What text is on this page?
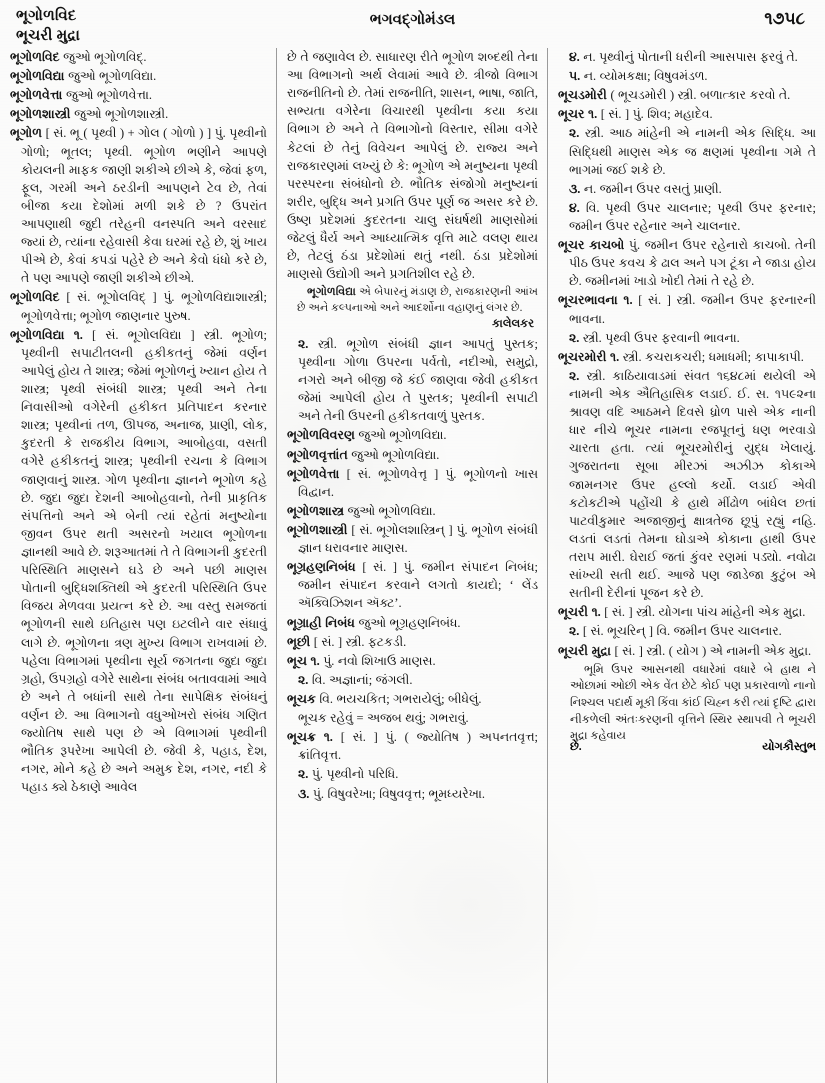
ભૂગોળવિદ
ભૂચરી મુદ્રા
ભગવદ્ગોમંડલ	૧૭૫૮

ભૂગોળવિદ જુઓ ભૂગોળવિદ્.

ભૂગોળવિદ્યા જુઓ ભૂગોળવિદ્યા.

ભૂગોળવેત્તા જુઓ ભૂગોળવેત્તા.

ભૂગોળશાસ્ત્રી જુઓ ભૂગોળશાસ્ત્રી.

ભૂગોળ [ સં. ભૂ ( પૃથ્વી ) + ગોલ ( ગોળો ) ] પું. પૃથ્વીનો ગોળો; ભૂતલ; પૃથ્વી. ભૂગોળ ભણીને આપણે કોયલની માફક જાણી શકીએ છીએ કે, જેવાં ફળ, ફૂલ, ગરમી અને ઠરડીની આપણને ટેવ છે, તેવાં બીજા કયા દેશોમાં મળી શકે છે ? ઉપરાંત આપણાથી જુદી તરેહની વનસ્પતિ અને વરસાદ જ્યાં છે, ત્યાંના રહેવાસી કેવા ઘરમાં રહે છે, શું ખાય પીએ છે, કેવાં કપડાં પહેરે છે અને કેવો ધંધો કરે છે, તે પણ આપણે જાણી શકીએ છીએ.

ભૂગોળવિદ [ સં. ભૂગોલવિદ્ ] પું. ભૂગોળવિદ્યાશાસ્ત્રી; ભૂગોળવેત્તા; ભૂગોળ જાણનાર પુરુષ.

ભૂગોળવિદ્યા ૧. [ સં. ભૂગોલવિદ્યા ] સ્ત્રી. ભૂગોળ; પૃથ્વીની સપાટીતલની હકીકતનું જેમાં વર્ણન આપેલું હોય તે શાસ્ત્ર; જેમાં ભૂગોળનું ખ્યાન હોય તે શાસ્ત્ર; પૃથ્વી સંબંધી શાસ્ત્ર; પૃથ્વી અને તેના નિવાસીઓ વગેરેની હકીકત પ્રતિપાદન કરનાર શાસ્ત્ર; પૃથ્વીનાં તળ, ઊપજ, અનાજ, પ્રાણી, લોક, કુદરતી કે રાજકીય વિભાગ, આબોહવા, વસતી વગેરે હકીકતનું શાસ્ત્ર; પૃથ્વીની રચના કે વિભાગ જાણવાનું શાસ્ત્ર. ગોળ પૃથ્વીના જ્ઞાનને ભૂગોળ કહે છે. જુદા જુદા દેશની આબોહવાનો, તેની પ્રાકૃતિક સંપત્તિનો અને એ બેની ત્યાં રહેતાં મનુષ્યોના જીવન ઉપર થતી અસરનો ખયાલ ભૂગોળના જ્ઞાનથી આવે છે. શરૂઆતમાં તે તે વિભાગની કુદરતી પરિસ્થિતિ માણસને ઘડે છે અને પછી માણસ પોતાની બુદ્ધિશક્તિથી એ કુદરતી પરિસ્થિતિ ઉપર વિજય મેળવવા પ્રયત્ન કરે છે. આ વસ્તુ સમજતાં ભૂગોળની સાથે ઇતિહાસ પણ ઇટલીને વાર સંધાવું લાગે છે. ભૂગોળના ત્રણ મુખ્ય વિભાગ રાખવામાં છે. પહેલા વિભાગમાં પૃથ્વીના સૂર્ય જગતના જુદા જુદા ગ્રહો, ઉપગ્રહો વગેરે સાથેના સંબંધ બતાવવામાં આવે છે અને તે બધાંની સાથે તેના સાપેક્ષિક સંબંધનું વર્ણન છે. આ વિભાગનો વધુઓખરો સંબંધ ગણિત જ્યોતિષ સાથે પણ છે એ વિભાગમાં પૃથ્વીની ભૌતિક રૂપરેખા આપેલી છે. જેવી કે, પહાડ, દેશ, નગર, મોને કહે છે અને અમુક દેશ, નગર, નદી કે પહાડ ક્યે ઠેકાણે આવેલ

છે તે જણાવેલ છે. સાધારણ રીતે ભૂગોળ શબ્દથી તેના આ વિભાગનો અર્થ લેવામાં આવે છે. ત્રીજો વિભાગ રાજનીતિનો છે. તેમાં રાજનીતિ, શાસન, ભાષા, જાતિ, સભ્યતા વગેરેના વિચારથી પૃથ્વીના કયા કયા વિભાગ છે અને તે વિભાગોનો વિસ્તાર, સીમા વગેરે કેટલાં છે તેનું વિવેચન આપેલું છે. રાજ્ય અને રાજકારણમાં લખ્યું છે કે: ભૂગોળ એ મનુષ્યના પૃથ્વી પરસ્પરના સંબંધોનો છે. ભૌતિક સંજોગો મનુષ્યનાં શરીર, બુદ્ધિ અને પ્રગતિ ઉપર પૂર્ણ જ અસર કરે છે. ઉષ્ણ પ્રદેશમાં કુદરતના ચાલુ સંઘર્ષથી માણસોમાં જેટલું ધૈર્ય અને આધ્યાત્મિક વૃત્તિ માટે વલણ થાય છે, તેટલું ઠંડા પ્રદેશોમાં થતું નથી. ઠંડા પ્રદેશોમાં માણસો ઉદ્યોગી અને પ્રગતિશીલ રહે છે.

ભૂગોળવિદ્યા એ બેપારનું મંડાણ છે, રાજકારણની આંખ છે અને કલ્પનાઓ અને આદર્શોના વહાણનું લંગર છે.

કાલેલકર

૨. સ્ત્રી. ભૂગોળ સંબંધી જ્ઞાન આપતું પુસ્તક; પૃથ્વીના ગોળા ઉપરના પર્વતો, નદીઓ, સમુદ્રો, નગરો અને બીજી જે કંઈ જાણવા જેવી હકીકત જેમાં આપેલી હોય તે પુસ્તક; પૃથ્વીની સપાટી અને તેની ઉપરની હકીકતવાળું પુસ્તક.

ભૂગોળવિવરણ જુઓ ભૂગોળવિદ્યા.

ભૂગોળવૃત્તાંત જુઓ ભૂગોળવિદ્યા.

ભૂગોળવેત્તા [ સં. ભૂગોળવેત્તૃ ] પું. ભૂગોળનો ખાસ વિદ્વાન.

ભૂગોળશાસ્ત્ર જુઓ ભૂગોળવિદ્યા.

ભૂગોળશાસ્ત્રી [ સં. ભૂગોલશાસ્ત્રિન્ ] પું. ભૂગોળ સંબંધી જ્ઞાન ધરાવનાર માણસ.

ભૂગ્રહણનિબંધ [ સં. ] પું. જમીન સંપાદન નિબંધ; જમીન સંપાદન કરવાને લગતો કાયદો; ‘ લેંડ ઍક્વિઝિશન ઍક્ટ’.

ભૂગ્રાહી નિબંધ જુઓ ભૂગ્રહણનિબંધ.

ભૂછી [ સં. ] સ્ત્રી. ફટકડી.

ભૂચ ૧. પું. નવો શિખાઉ માણસ.

૨. વિ. અજ્ઞાનાં; જંગલી.

ભૂચક વિ. ભયચકિત; ગભરાયેલું; બીધેલું.

ભૂચક રહેવું = અજબ થવું; ગભરાવું.

ભૂચક્ર ૧. [ સં. ] પું. ( જ્યોતિષ ) અપનતવૃત્ત; ક્રાંતિવૃત્ત.

૨. પું. પૃથ્વીનો પરિધિ.

૩. પું. વિષુવરેખા; વિષુવવૃત્ત; ભૂમધ્યરેખા.

૪. ન. પૃથ્વીનું પોતાની ધરીની આસપાસ ફરવું તે.

૫. ન. વ્યોમકક્ષા; વિષુવમંડળ.

ભૂચડમોરી ( ભૂચડમોરી ) સ્ત્રી. બળાત્કાર કરવો તે.

ભૂચર ૧. [ સં. ] પું. શિવ; મહાદેવ.

૨. સ્ત્રી. આઠ માંહેની એ નામની એક સિદ્ધિ. આ સિદ્ધિથી માણસ એક જ ક્ષણમાં પૃથ્વીના ગમે તે ભાગમાં જઈ શકે છે.

૩. ન. જમીન ઉપર વસતું પ્રાણી.

૪. વિ. પૃથ્વી ઉપર ચાલનાર; પૃથ્વી ઉપર ફરનાર; જમીન ઉપર રહેનાર અને ચાલનાર.

ભૂચર કાચબો પું. જમીન ઉપર રહેનારો કાચબો. તેની પીઠ ઉપર કવચ કે ઢાલ અને પગ ટૂંકા ને જાડા હોય છે. જમીનમાં ખાડો ખોદી તેમાં તે રહે છે.

ભૂચરભાવના ૧. [ સં. ] સ્ત્રી. જમીન ઉપર ફરનારની ભાવના.

૨. સ્ત્રી. પૃથ્વી ઉપર ફરવાની ભાવના.

ભૂચરમોરી ૧. સ્ત્રી. કચરાકચરી; ધમાધમી; કાપાકાપી.

૨. સ્ત્રી. કાઠિયાવાડમાં સંવત ૧૬૪૮માં થયેલી એ નામની એક ઐતિહાસિક લડાઈ. ઈ. સ. ૧૫૯૨ના શ્રાવણ વદિ આઠમને દિવસે ધ્રોળ પાસે એક નાની ધાર નીચે ભૂચર નામના રજપૂતનું ધણ ભરવાડો ચારતા હતા. ત્યાં ભૂચરમોરીનું યુદ્ધ ખેલાયું. ગુજરાતના સૂબા મીરઝાં અઝીઝ કોકાએ જામનગર ઉપર હલ્લો કર્યો. લડાઈ એવી કટોકટીએ પહોંચી કે હાથે મીંઢોળ બાંધેલ છતાં પાટવીકુમાર અજાજીનું ક્ષાત્રતેજ છૂપું રહ્યું નહિ. લડતાં લડતાં તેમના ઘોડાએ કોકાના હાથી ઉપર તરાપ મારી. ઘેરાઈ જતાં કુંવર રણમાં પડ્યો. નવોઢા સાંખ્યી સતી થઈ. આજે પણ જાડેજા કુટુંબ એ સતીની દેરીનાં પૂજન કરે છે.

ભૂચરી ૧. [ સં. ] સ્ત્રી. યોગના પાંચ માંહેની એક મુદ્રા.

૨. [ સં. ભૂચરિન્ ] વિ. જમીન ઉપર ચાલનાર.

ભૂચરી મુદ્રા [ સં. ] સ્ત્રી. ( યોગ ) એ નામની એક મુદ્રા.

ભૂમિ ઉપર આસનથી વધારેમાં વધારે બે હાથ ને ઓછામાં ઓછી એક વેંત છેટે કોઈ પણ પ્રકારવાળો નાનો નિશ્ચલ પદાર્થ મૂકી કિંવા કાંઈ ચિહ્ન કરી ત્યાં દૃષ્ટિ દ્વારા નીકળેલી અંતઃકરણની વૃત્તિને સ્થિર સ્થાપવી તે ભૂચરી મુદ્રા કહેવાય

છે.	યોગકૌસ્તુભ
